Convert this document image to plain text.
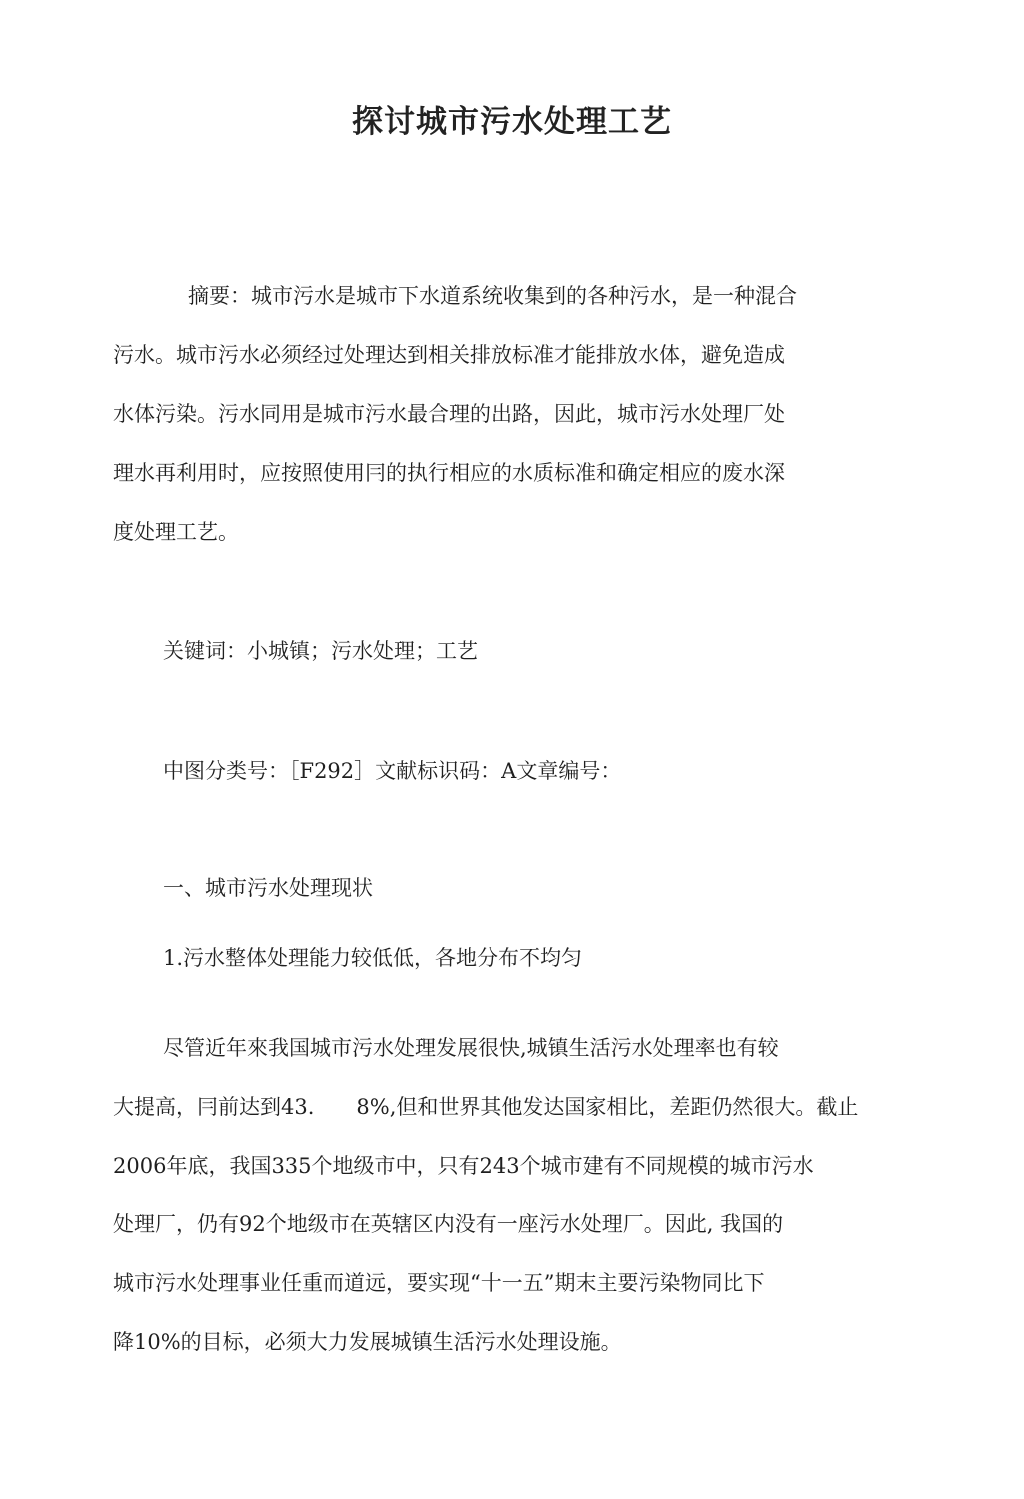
探讨城市污水处理工艺

摘要：城市污水是城市下水道系统收集到的各种污水，是一种混合

污水。城市污水必须经过处理达到相关排放标准才能排放水体，避免造成

水体污染。污水同用是城市污水最合理的出路，因此，城市污水处理厂处

理水再利用时，应按照使用冃的执行相应的水质标准和确定相应的废水深

度处理工艺。

关键词：小城镇；污水处理；工艺

中图分类号：［F292］文献标识码：A文章编号：

一、城市污水处理现状

1.污水整体处理能力较低低，各地分布不均匀

尽管近年來我国城市污水处理发展很快,城镇生活污水处理率也有较

大提高，冃前达到43.　　8%,但和世界其他发达国家相比，差距仍然很大。截止

2006年底，我国335个地级市中，只有243个城市建有不同规模的城市污水

处理厂，仍有92个地级市在英辖区内没有一座污水处理厂。因此, 我国的

城市污水处理事业任重而道远，要实现“十一五”期末主要污染物同比下

降10%的目标，必须大力发展城镇生活污水处理设施。
